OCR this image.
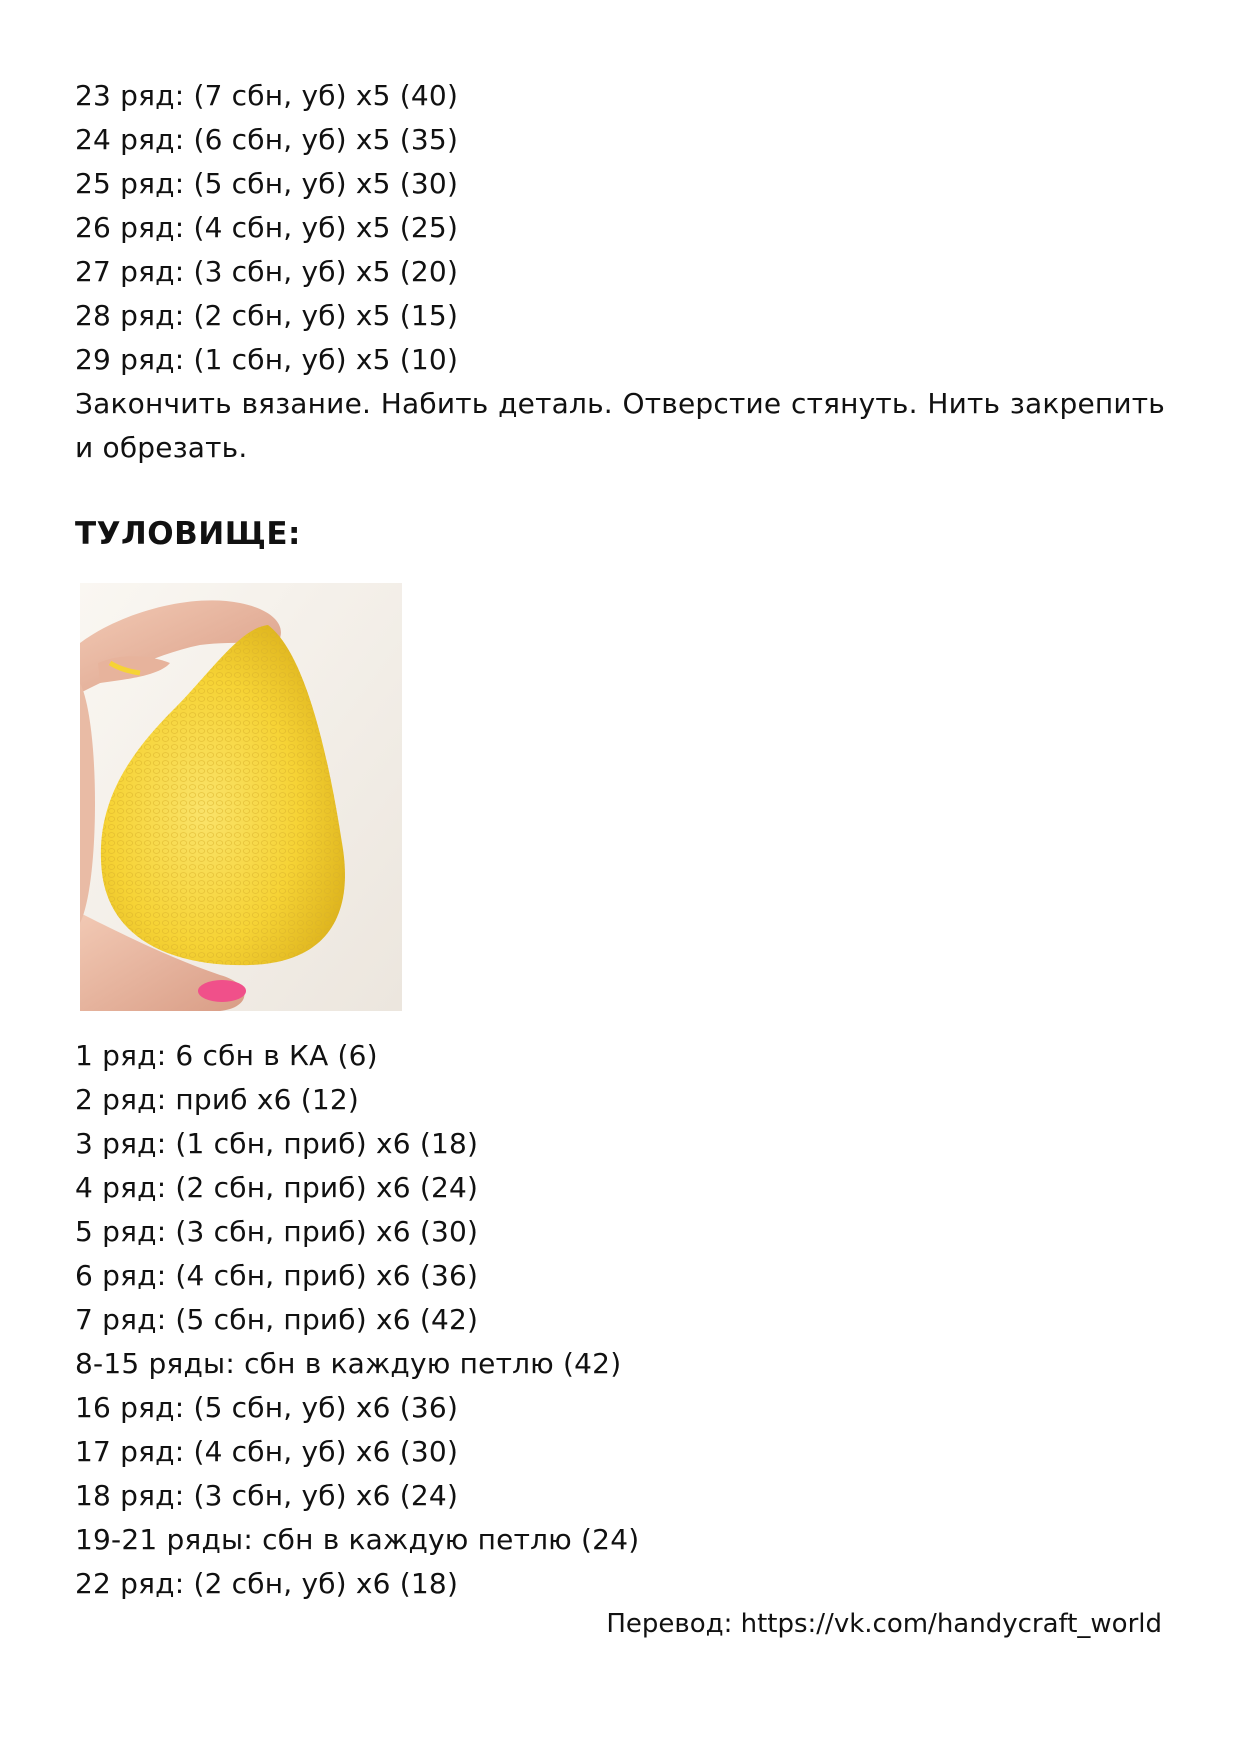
23 ряд: (7 сбн, уб) х5 (40)
24 ряд: (6 сбн, уб) х5 (35)
25 ряд: (5 сбн, уб) х5 (30)
26 ряд: (4 сбн, уб) х5 (25)
27 ряд: (3 сбн, уб) х5 (20)
28 ряд: (2 сбн, уб) х5 (15)
29 ряд: (1 сбн, уб) х5 (10)
Закончить вязание. Набить деталь. Отверстие стянуть. Нить закрепить и обрезать.
ТУЛОВИЩЕ:
1 ряд: 6 сбн в КА (6)
2 ряд: приб х6 (12)
3 ряд: (1 сбн, приб) х6 (18)
4 ряд: (2 сбн, приб) х6 (24)
5 ряд: (3 сбн, приб) х6 (30)
6 ряд: (4 сбн, приб) х6 (36)
7 ряд: (5 сбн, приб) х6 (42)
8-15 ряды: сбн в каждую петлю (42)
16 ряд: (5 сбн, уб) х6 (36)
17 ряд: (4 сбн, уб) х6 (30)
18 ряд: (3 сбн, уб) х6 (24)
19-21 ряды: сбн в каждую петлю (24)
22 ряд: (2 сбн, уб) х6 (18)
Перевод: https://vk.com/handycraft_world
